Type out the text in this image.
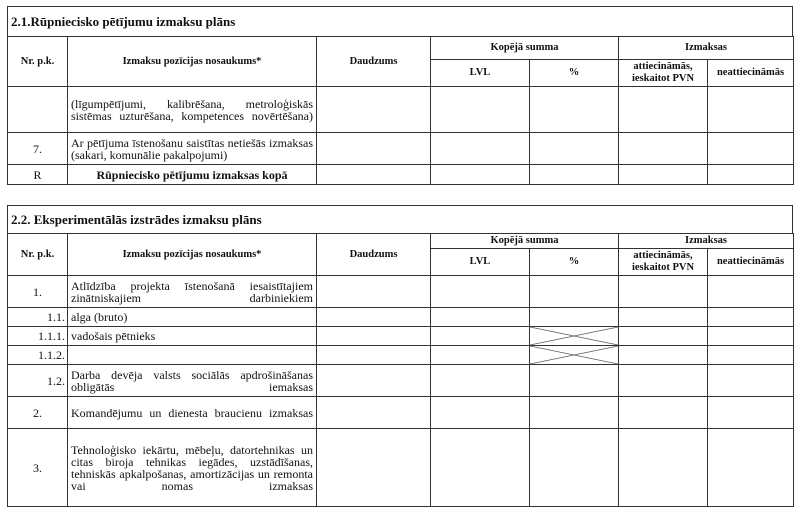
2.1.Rūpnieciskо pētījumu izmaksu plāns
Nr. p.k.	Izmaksu pozīcijas nosaukums*	Daudzums	Kopējā summa		Izmaksas	
			LVL	%	attiecināmās, ieskaitot PVN	neattiecināmās
	(līgumpētījumi, kalibrēšana, metroloģiskās sistēmas uzturēšana, kompetences novērtēšana)					
7.	Ar pētījuma īstenošanu saistītas netiešās izmaksas (sakari, komunālie pakalpojumi)					
R	Rūpnieciskо pētījumu izmaksas kopā					
2.2. Eksperimentālās izstrādes izmaksu plāns
Nr. p.k.	Izmaksu pozīcijas nosaukums*	Daudzums	Kopējā summa		Izmaksas	
			LVL	%	attiecināmās, ieskaitot PVN	neattiecināmās
1.	Atlīdzība projekta īstenošanā iesaistītajiem zinātniskajiem darbiniekiem					
1.1.	alga (bruto)					
1.1.1.	vadošais pētnieks			

1.1.2.				

1.2.	Darba devēja valsts sociālās apdrošināšanas obligātās iemaksas					
2.	Komandējumu un dienesta braucienu izmaksas					
3.	Tehnoloģisko iekārtu, mēbeļu, datortehnikas un citas biroja tehnikas iegādes, uzstādīšanas, tehniskās apkalpošanas, amortizācijas un remonta vai nomas izmaksas					
